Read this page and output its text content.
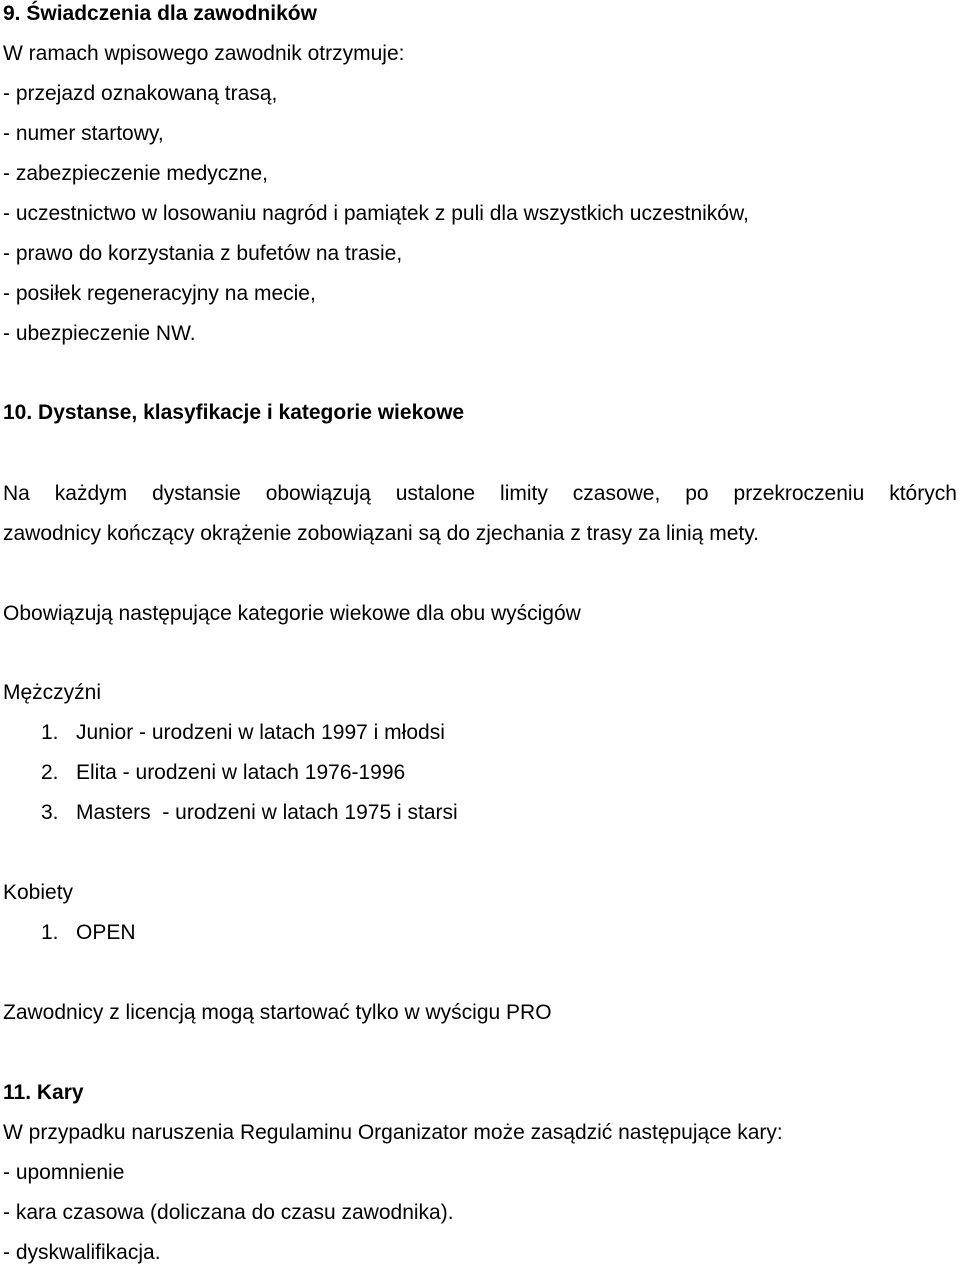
9. Świadczenia dla zawodników
W ramach wpisowego zawodnik otrzymuje:
- przejazd oznakowaną trasą,
- numer startowy,
- zabezpieczenie medyczne,
- uczestnictwo w losowaniu nagród i pamiątek z puli dla wszystkich uczestników,
- prawo do korzystania z bufetów na trasie,
- posiłek regeneracyjny na mecie,
- ubezpieczenie NW.
10. Dystanse, klasyfikacje i kategorie wiekowe
Na każdym dystansie obowiązują ustalone limity czasowe, po przekroczeniu których
zawodnicy kończący okrążenie zobowiązani są do zjechania z trasy za linią mety.
Obowiązują następujące kategorie wiekowe dla obu wyścigów
Mężczyźni
1. Junior - urodzeni w latach 1997 i młodsi
2. Elita - urodzeni w latach 1976-1996
3. Masters  - urodzeni w latach 1975 i starsi
Kobiety
1. OPEN
Zawodnicy z licencją mogą startować tylko w wyścigu PRO
11. Kary
W przypadku naruszenia Regulaminu Organizator może zasądzić następujące kary:
- upomnienie
- kara czasowa (doliczana do czasu zawodnika).
- dyskwalifikacja.
